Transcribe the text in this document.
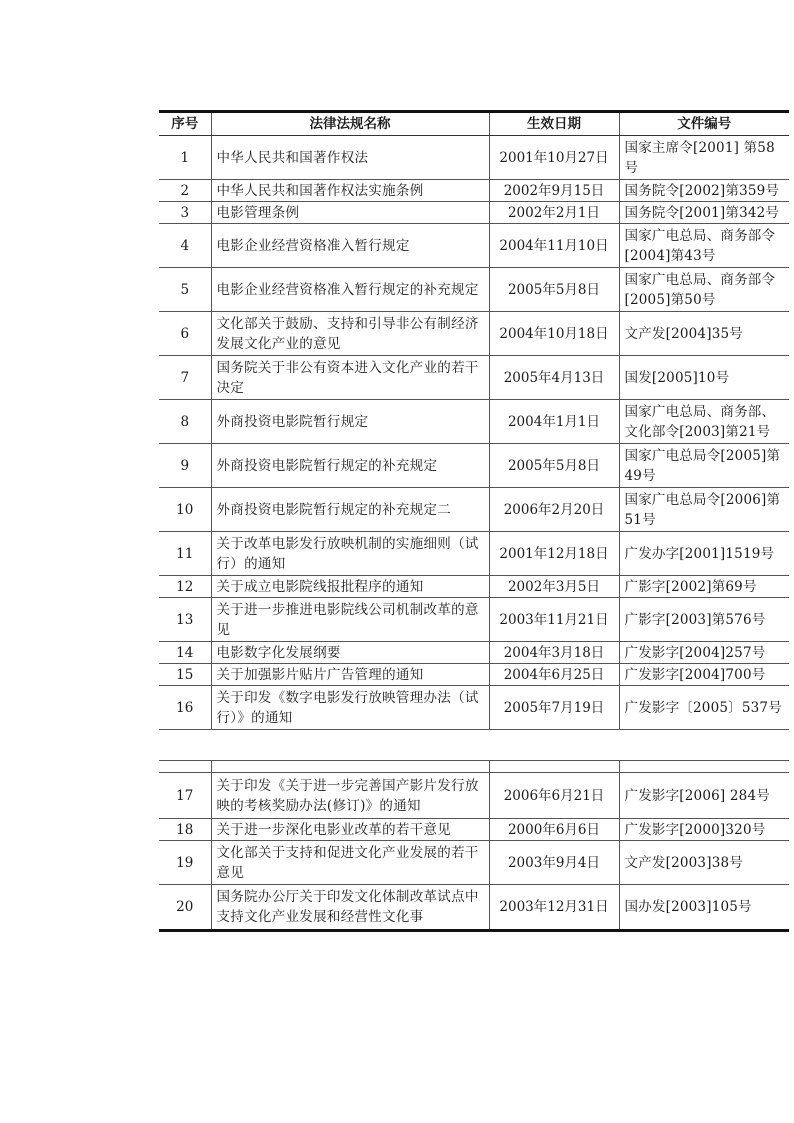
序号	法律法规名称	生效日期	文件编号
1	中华人民共和国著作权法	2001年10月27日	国家主席令[2001] 第58号
2	中华人民共和国著作权法实施条例	2002年9月15日	国务院令[2002]第359号
3	电影管理条例	2002年2月1日	国务院令[2001]第342号
4	电影企业经营资格准入暂行规定	2004年11月10日	国家广电总局、商务部令[2004]第43号
5	电影企业经营资格准入暂行规定的补充规定	2005年5月8日	国家广电总局、商务部令[2005]第50号
6	文化部关于鼓励、支持和引导非公有制经济发展文化产业的意见	2004年10月18日	文产发[2004]35号
7	国务院关于非公有资本进入文化产业的若干决定	2005年4月13日	国发[2005]10号
8	外商投资电影院暂行规定	2004年1月1日	国家广电总局、商务部、文化部令[2003]第21号
9	外商投资电影院暂行规定的补充规定	2005年5月8日	国家广电总局令[2005]第49号
10	外商投资电影院暂行规定的补充规定二	2006年2月20日	国家广电总局令[2006]第51号
11	关于改革电影发行放映机制的实施细则（试行）的通知	2001年12月18日	广发办字[2001]1519号
12	关于成立电影院线报批程序的通知	2002年3月5日	广影字[2002]第69号
13	关于进一步推进电影院线公司机制改革的意见	2003年11月21日	广影字[2003]第576号
14	电影数字化发展纲要	2004年3月18日	广发影字[2004]257号
15	关于加强影片贴片广告管理的通知	2004年6月25日	广发影字[2004]700号
16	关于印发《数字电影发行放映管理办法（试行）》的通知	2005年7月19日	广发影字〔2005〕537号

17	关于印发《关于进一步完善国产影片发行放映的考核奖励办法(修订)》的通知	2006年6月21日	广发影字[2006] 284号
18	关于进一步深化电影业改革的若干意见	2000年6月6日	广发影字[2000]320号
19	文化部关于支持和促进文化产业发展的若干意见	2003年9月4日	文产发[2003]38号
20	国务院办公厅关于印发文化体制改革试点中支持文化产业发展和经营性文化事	2003年12月31日	国办发[2003]105号
